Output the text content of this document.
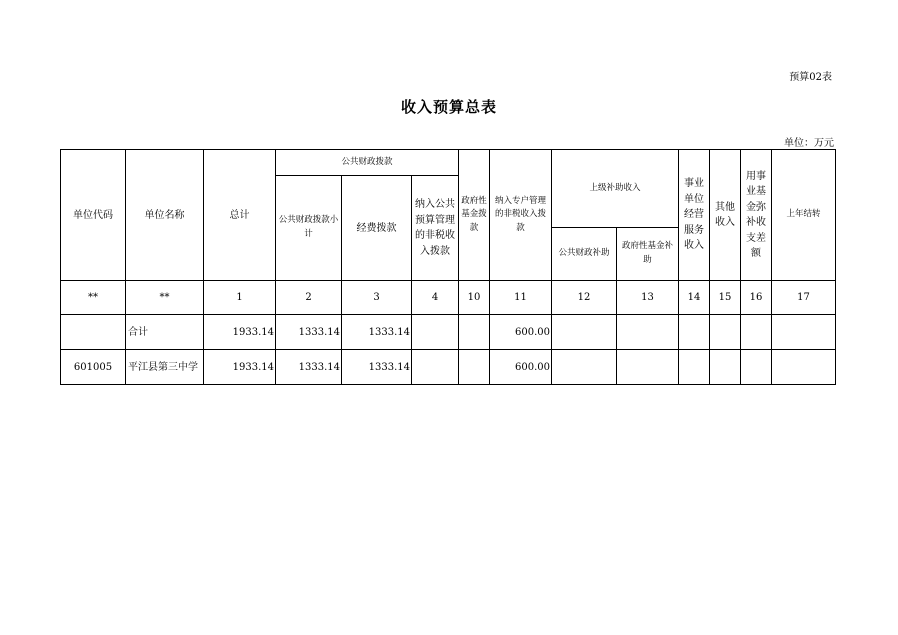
预算02表
收入预算总表
单位：万元
单位代码	单位名称	总计	公共财政拨款			政府性基金拨款	纳入专户管理的非税收入拨款	上级补助收入		事业单位经营服务收入	其他收入	用事业基金弥补收支差额	上年结转
			公共财政拨款小计	经费拨款	纳入公共预算管理的非税收入拨款								
								公共财政补助	政府性基金补助				
**	**	1	2	3	4	10	11	12	13	14	15	16	17
	合计	1933.14	1333.14	1333.14			600.00						
601005	平江县第三中学	1933.14	1333.14	1333.14			600.00						
